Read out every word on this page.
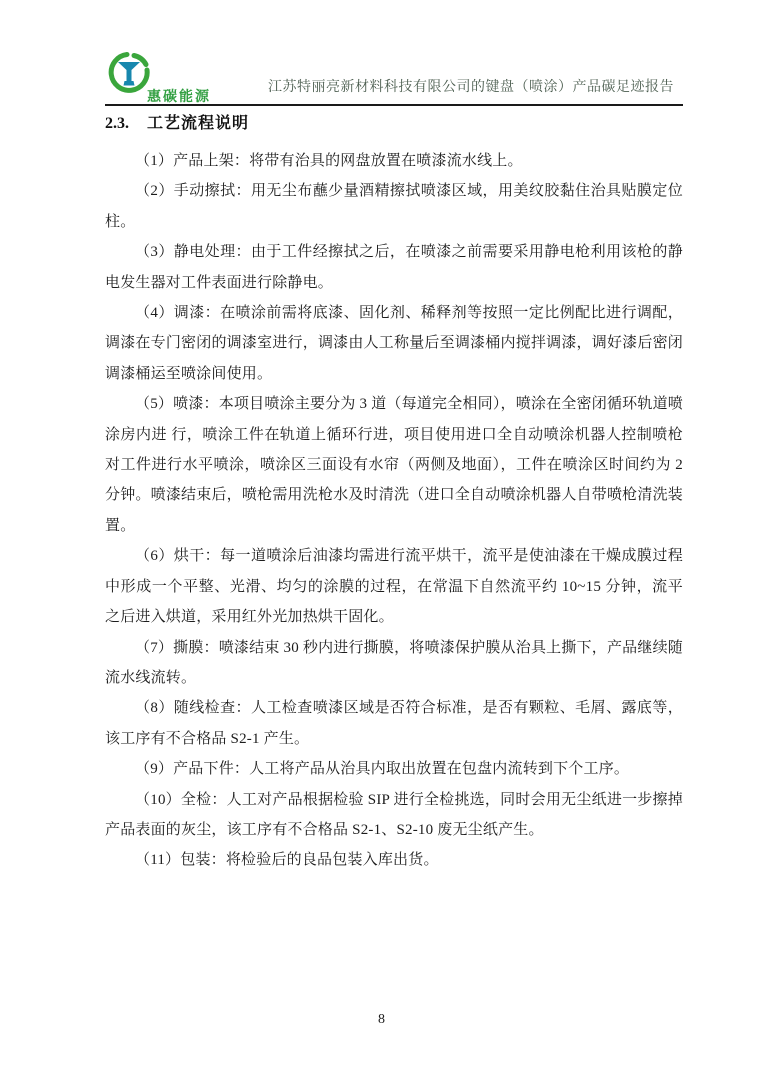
惠碳能源
江苏特丽亮新材料科技有限公司的键盘（喷涂）产品碳足迹报告
2.3. 工艺流程说明

（1）产品上架：将带有治具的网盘放置在喷漆流水线上。

（2）手动擦拭：用无尘布蘸少量酒精擦拭喷漆区域，用美纹胶黏住治具贴膜定位柱。

（3）静电处理：由于工件经擦拭之后，在喷漆之前需要采用静电枪利用该枪的静电发生器对工件表面进行除静电。

（4）调漆：在喷涂前需将底漆、固化剂、稀释剂等按照一定比例配比进行调配，调漆在专门密闭的调漆室进行，调漆由人工称量后至调漆桶内搅拌调漆，调好漆后密闭调漆桶运至喷涂间使用。

（5）喷漆：本项目喷涂主要分为 3 道（每道完全相同），喷涂在全密闭循环轨道喷涂房内进 行，喷涂工件在轨道上循环行进，项目使用进口全自动喷涂机器人控制喷枪对工件进行水平喷涂，喷涂区三面设有水帘（两侧及地面），工件在喷涂区时间约为 2 分钟。喷漆结束后，喷枪需用洗枪水及时清洗（进口全自动喷涂机器人自带喷枪清洗装置。

（6）烘干：每一道喷涂后油漆均需进行流平烘干，流平是使油漆在干燥成膜过程中形成一个平整、光滑、均匀的涂膜的过程，在常温下自然流平约 10~15 分钟，流平之后进入烘道，采用红外光加热烘干固化。

（7）撕膜：喷漆结束 30 秒内进行撕膜，将喷漆保护膜从治具上撕下，产品继续随流水线流转。

（8）随线检查：人工检查喷漆区域是否符合标准，是否有颗粒、毛屑、露底等，该工序有不合格品 S2-1 产生。

（9）产品下件：人工将产品从治具内取出放置在包盘内流转到下个工序。

（10）全检：人工对产品根据检验 SIP 进行全检挑选，同时会用无尘纸进一步擦掉产品表面的灰尘，该工序有不合格品 S2-1、S2-10 废无尘纸产生。

（11）包装：将检验后的良品包装入库出货。

8
